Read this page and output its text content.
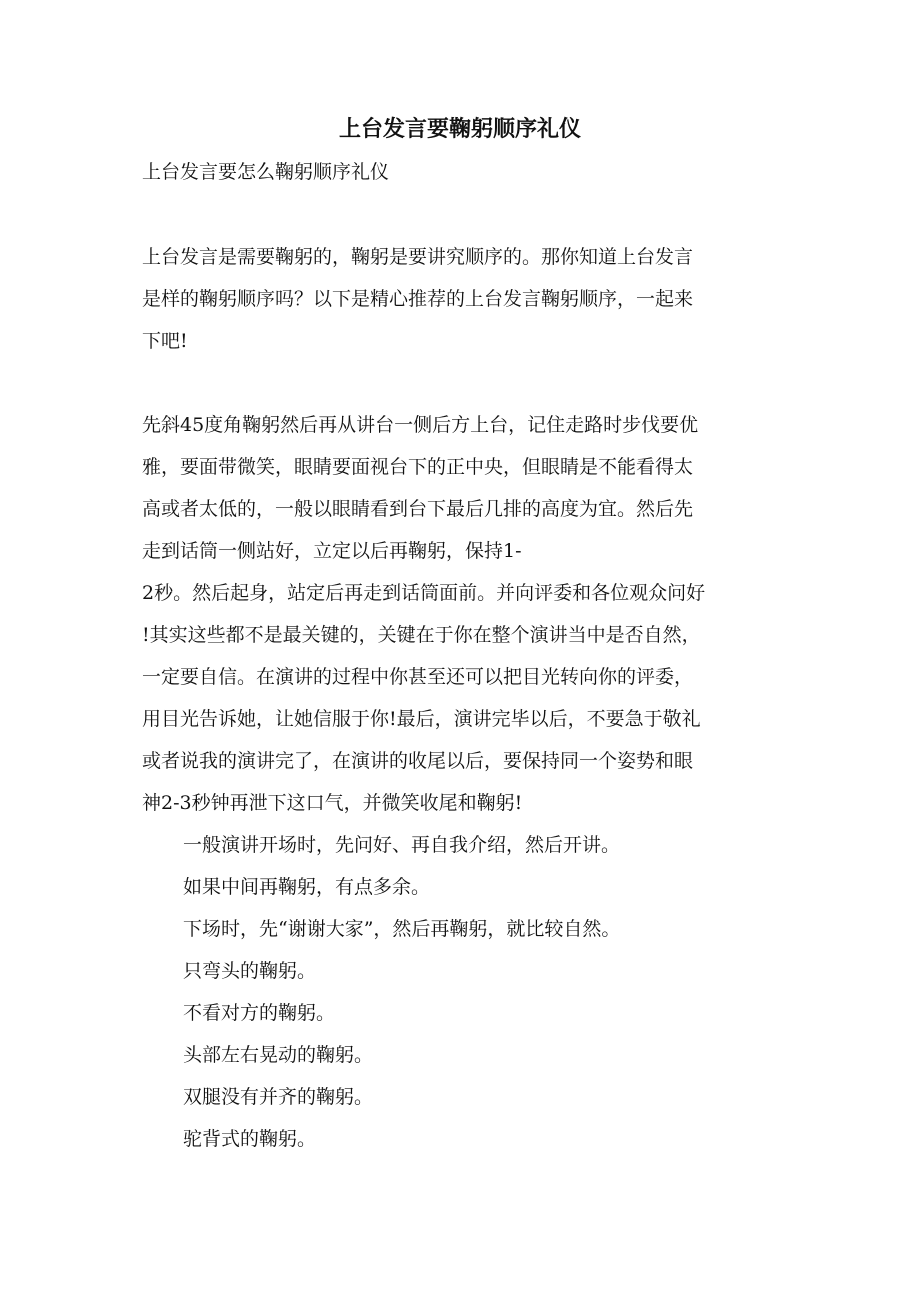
上台发言要鞠躬顺序礼仪
上台发言要怎么鞠躬顺序礼仪
上台发言是需要鞠躬的，鞠躬是要讲究顺序的。那你知道上台发言
是样的鞠躬顺序吗？以下是精心推荐的上台发言鞠躬顺序，一起来
下吧!
先斜45度角鞠躬然后再从讲台一侧后方上台，记住走路时步伐要优
雅，要面带微笑，眼睛要面视台下的正中央，但眼睛是不能看得太
高或者太低的，一般以眼睛看到台下最后几排的高度为宜。然后先
走到话筒一侧站好，立定以后再鞠躬，保持1-
2秒。然后起身，站定后再走到话筒面前。并向评委和各位观众问好
!其实这些都不是最关键的，关键在于你在整个演讲当中是否自然，
一定要自信。在演讲的过程中你甚至还可以把目光转向你的评委，
用目光告诉她，让她信服于你!最后，演讲完毕以后，不要急于敬礼
或者说我的演讲完了，在演讲的收尾以后，要保持同一个姿势和眼
神2-3秒钟再泄下这口气，并微笑收尾和鞠躬!
一般演讲开场时，先问好、再自我介绍，然后开讲。
如果中间再鞠躬，有点多余。
下场时，先“谢谢大家”，然后再鞠躬，就比较自然。
只弯头的鞠躬。
不看对方的鞠躬。
头部左右晃动的鞠躬。
双腿没有并齐的鞠躬。
驼背式的鞠躬。
